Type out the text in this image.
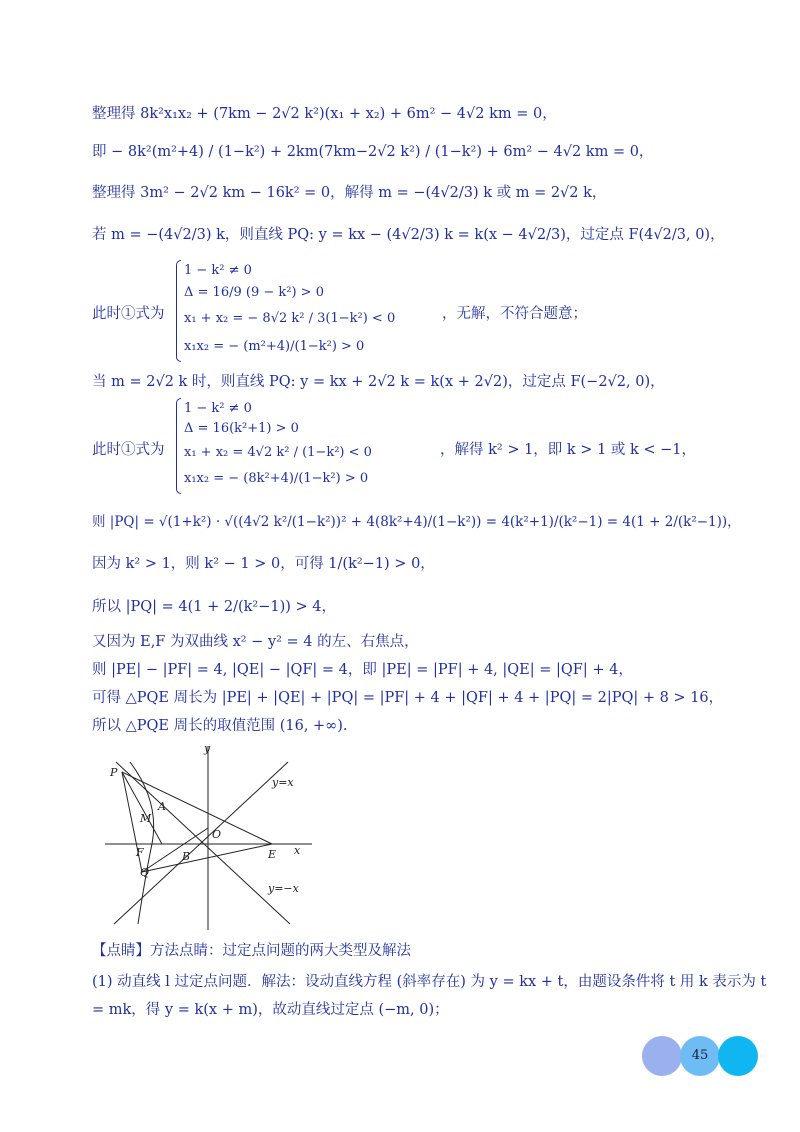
整理得 8k²x₁x₂ + (7km − 2√2 k²)(x₁ + x₂) + 6m² − 4√2 km = 0，
即 − 8k²(m²+4) / (1−k²) + 2km(7km−2√2 k²) / (1−k²) + 6m² − 4√2 km = 0，
整理得 3m² − 2√2 km − 16k² = 0，解得 m = −(4√2/3) k 或 m = 2√2 k，
若 m = −(4√2/3) k，则直线 PQ: y = kx − (4√2/3) k = k(x − 4√2/3)，过定点 F(4√2/3, 0)，
此时①式为
1 − k² ≠ 0
Δ = 16/9 (9 − k²) > 0
x₁ + x₂ = − 8√2 k² / 3(1−k²) < 0
x₁x₂ = − (m²+4)/(1−k²) > 0
，无解，不符合题意；
当 m = 2√2 k 时，则直线 PQ: y = kx + 2√2 k = k(x + 2√2)，过定点 F(−2√2, 0)，
此时①式为
1 − k² ≠ 0
Δ = 16(k²+1) > 0
x₁ + x₂ = 4√2 k² / (1−k²) < 0
x₁x₂ = − (8k²+4)/(1−k²) > 0
，解得 k² > 1，即 k > 1 或 k < −1，
则 |PQ| = √(1+k²) · √((4√2 k²/(1−k²))² + 4(8k²+4)/(1−k²)) = 4(k²+1)/(k²−1) = 4(1 + 2/(k²−1))，
因为 k² > 1，则 k² − 1 > 0，可得 1/(k²−1) > 0，
所以 |PQ| = 4(1 + 2/(k²−1)) > 4，
又因为 E,F 为双曲线 x² − y² = 4 的左、右焦点，
则 |PE| − |PF| = 4, |QE| − |QF| = 4，即 |PE| = |PF| + 4, |QE| = |QF| + 4，
可得 △PQE 周长为 |PE| + |QE| + |PQ| = |PF| + 4 + |QF| + 4 + |PQ| = 2|PQ| + 8 > 16，
所以 △PQE 周长的取值范围 (16, +∞).
y
x
P
A
M
O
F	B	E
Q
y=x
y=−x
【点睛】方法点睛：过定点问题的两大类型及解法
(1) 动直线 l 过定点问题．解法：设动直线方程 (斜率存在) 为 y = kx + t，由题设条件将 t 用 k 表示为 t
= mk，得 y = k(x + m)，故动直线过定点 (−m, 0)；
45
